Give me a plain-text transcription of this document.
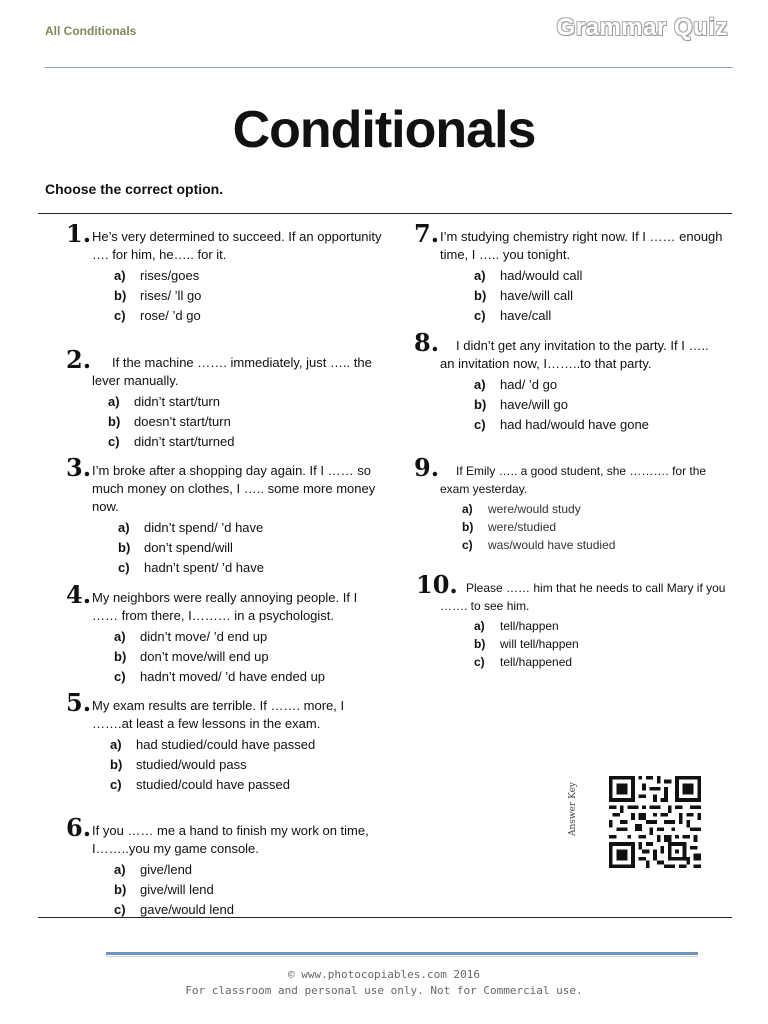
All Conditionals	Grammar Quiz
Conditionals
Choose the correct option.
1. He’s very determined to succeed. If an opportunity …. for him, he….. for it.

a) rises/goes
b) rises/ ’ll go
c) rose/ ’d go
2.	If the machine ……. immediately, just ….. the lever manually.

a) didn’t start/turn
b) doesn’t start/turn
c) didn’t start/turned
3. I’m broke after a shopping day again. If I …… so much money on clothes, I ….. some more money now.

a) didn’t spend/ ’d have
b) don’t spend/will
c) hadn’t spent/ ’d have
4. My neighbors were really annoying people. If I …… from there, I……… in a psychologist.

a) didn’t move/ ’d end up
b) don’t move/will end up
c) hadn’t moved/ ’d have ended up
5. My exam results are terrible. If ……. more, I …….at least a few lessons in the exam.

a) had studied/could have passed
b) studied/would pass
c) studied/could have passed
6. If you …… me a hand to finish my work on time, I……..you my game console.

a) give/lend
b) give/will lend
c) gave/would lend
7. I’m studying chemistry right now. If I …… enough time, I ….. you tonight.

a) had/would call
b) have/will call
c) have/call
8.	I didn’t get any invitation to the party. If I ….. an invitation now, I……..to that party.

a) had/ ’d go
b) have/will go
c) had had/would have gone
9.	If Emily ….. a good student, she ………. for the exam yesterday.

a) were/would study
b) were/studied
c) was/would have studied
10. Please …… him that he needs to call Mary if you ……. to see him.

a) tell/happen
b) will tell/happen
c) tell/happened
Answer Key
© www.photocopiables.com 2016
For classroom and personal use only. Not for Commercial use.
